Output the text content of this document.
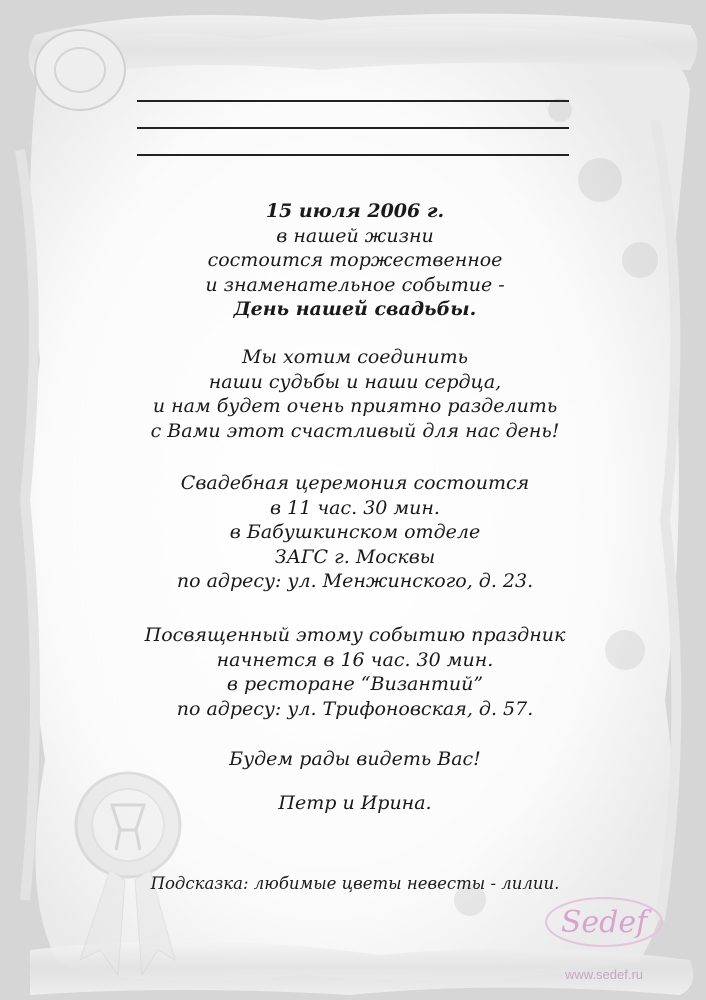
15 июля 2006 г.
в нашей жизни
состоится торжественное
и знаменательное событие -
День нашей свадьбы.
Мы хотим соединить
наши судьбы и наши сердца,
и нам будет очень приятно разделить
с Вами этот счастливый для нас день!
Свадебная церемония состоится
в 11 час. 30 мин.
в Бабушкинском отделе
ЗАГС г. Москвы
по адресу: ул. Менжинского, д. 23.
Посвященный этому событию праздник
начнется в 16 час. 30 мин.
в ресторане “Византий”
по адресу: ул. Трифоновская, д. 57.
Будем рады видеть Вас!
Петр и Ирина.
Подсказка: любимые цветы невесты - лилии.
Sedef
www.sedef.ru
